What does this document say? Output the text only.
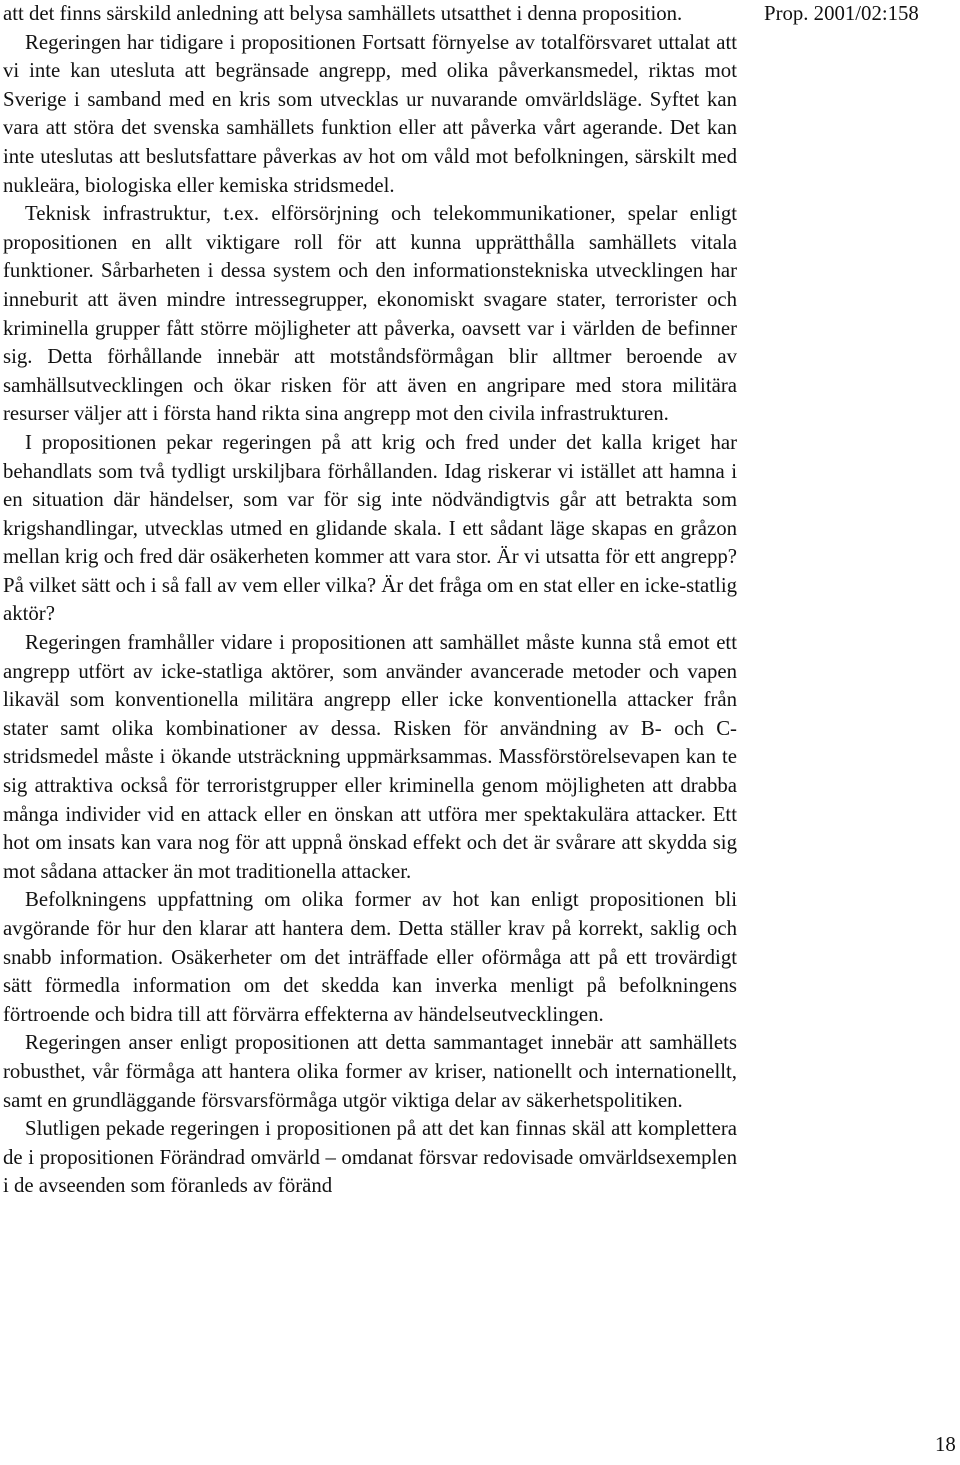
att det finns särskild anledning att belysa samhällets utsatthet i denna proposition.

Regeringen har tidigare i propositionen Fortsatt förnyelse av totalförsvaret uttalat att vi inte kan utesluta att begränsade angrepp, med olika påverkansmedel, riktas mot Sverige i samband med en kris som utvecklas ur nuvarande omvärldsläge. Syftet kan vara att störa det svenska samhällets funktion eller att påverka vårt agerande. Det kan inte uteslutas att beslutsfattare påverkas av hot om våld mot befolkningen, särskilt med nukleära, biologiska eller kemiska stridsmedel.

Teknisk infrastruktur, t.ex. elförsörjning och telekommunikationer, spelar enligt propositionen en allt viktigare roll för att kunna upprätthålla samhällets vitala funktioner. Sårbarheten i dessa system och den informationstekniska utvecklingen har inneburit att även mindre intressegrupper, ekonomiskt svagare stater, terrorister och kriminella grupper fått större möjligheter att påverka, oavsett var i världen de befinner sig. Detta förhållande innebär att motståndsförmågan blir alltmer beroende av samhällsutvecklingen och ökar risken för att även en angripare med stora militära resurser väljer att i första hand rikta sina angrepp mot den civila infrastrukturen.

I propositionen pekar regeringen på att krig och fred under det kalla kriget har behandlats som två tydligt urskiljbara förhållanden. Idag riskerar vi istället att hamna i en situation där händelser, som var för sig inte nödvändigtvis går att betrakta som krigshandlingar, utvecklas utmed en glidande skala. I ett sådant läge skapas en gråzon mellan krig och fred där osäkerheten kommer att vara stor. Är vi utsatta för ett angrepp? På vilket sätt och i så fall av vem eller vilka? Är det fråga om en stat eller en icke-statlig aktör?

Regeringen framhåller vidare i propositionen att samhället måste kunna stå emot ett angrepp utfört av icke-statliga aktörer, som använder avancerade metoder och vapen likaväl som konventionella militära angrepp eller icke konventionella attacker från stater samt olika kombinationer av dessa. Risken för användning av B- och C-stridsmedel måste i ökande utsträckning uppmärksammas. Massförstörelsevapen kan te sig attraktiva också för terroristgrupper eller kriminella genom möjligheten att drabba många individer vid en attack eller en önskan att utföra mer spektakulära attacker. Ett hot om insats kan vara nog för att uppnå önskad effekt och det är svårare att skydda sig mot sådana attacker än mot traditionella attacker.

Befolkningens uppfattning om olika former av hot kan enligt propositionen bli avgörande för hur den klarar att hantera dem. Detta ställer krav på korrekt, saklig och snabb information. Osäkerheter om det inträffade eller oförmåga att på ett trovärdigt sätt förmedla information om det skedda kan inverka menligt på befolkningens förtroende och bidra till att förvärra effekterna av händelseutvecklingen.

Regeringen anser enligt propositionen att detta sammantaget innebär att samhällets robusthet, vår förmåga att hantera olika former av kriser, nationellt och internationellt, samt en grundläggande försvarsförmåga utgör viktiga delar av säkerhetspolitiken.

Slutligen pekade regeringen i propositionen på att det kan finnas skäl att komplettera de i propositionen Förändrad omvärld – omdanat försvar redovisade omvärldsexemplen i de avseenden som föranleds av föränd

Prop. 2001/02:158
18
